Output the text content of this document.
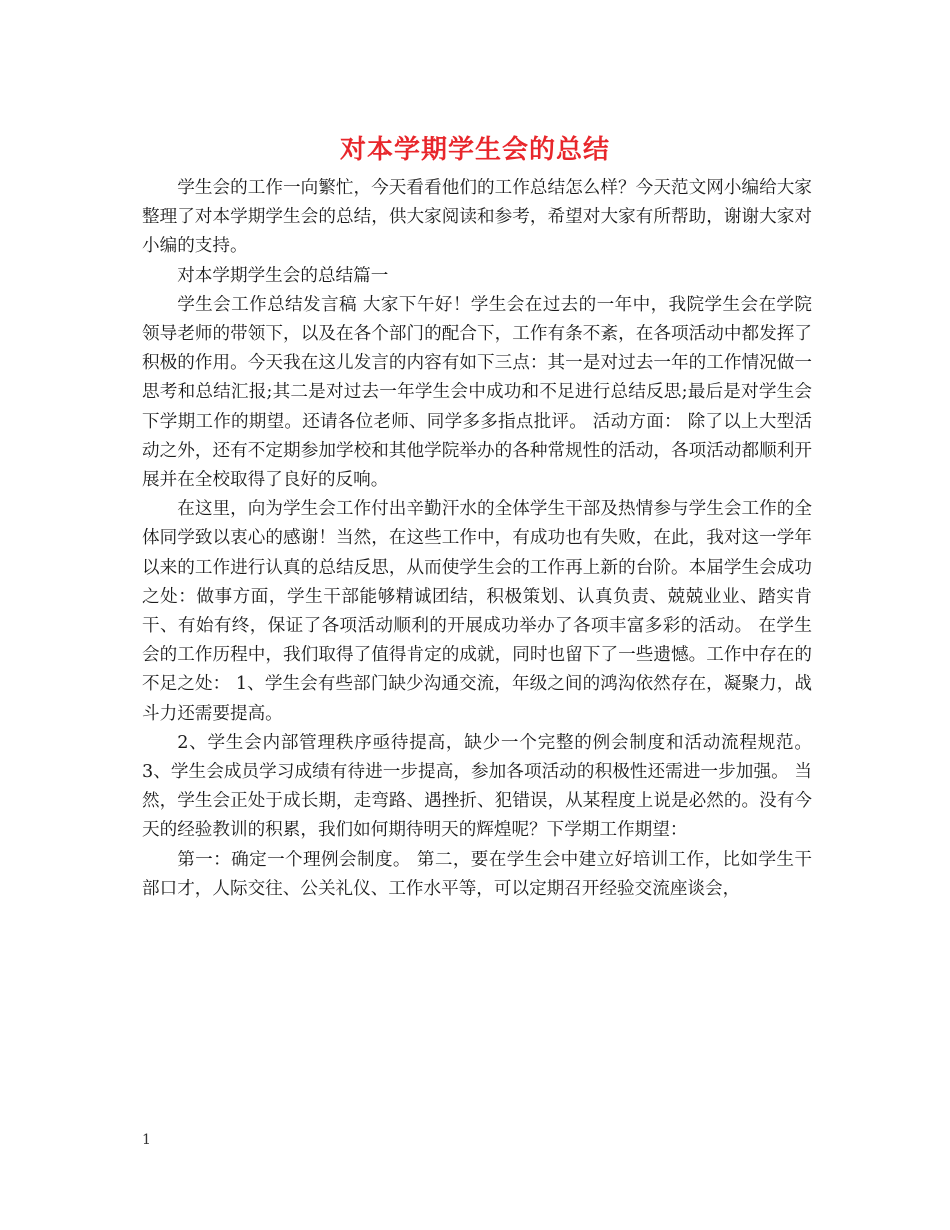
对本学期学生会的总结

学生会的工作一向繁忙，今天看看他们的工作总结怎么样？今天范文网小编给大家整理了对本学期学生会的总结，供大家阅读和参考，希望对大家有所帮助，谢谢大家对小编的支持。

对本学期学生会的总结篇一

学生会工作总结发言稿 大家下午好！学生会在过去的一年中，我院学生会在学院领导老师的带领下，以及在各个部门的配合下，工作有条不紊，在各项活动中都发挥了积极的作用。今天我在这儿发言的内容有如下三点：其一是对过去一年的工作情况做一思考和总结汇报;其二是对过去一年学生会中成功和不足进行总结反思;最后是对学生会下学期工作的期望。还请各位老师、同学多多指点批评。 活动方面： 除了以上大型活动之外，还有不定期参加学校和其他学院举办的各种常规性的活动，各项活动都顺利开展并在全校取得了良好的反响。

在这里，向为学生会工作付出辛勤汗水的全体学生干部及热情参与学生会工作的全体同学致以衷心的感谢！当然，在这些工作中，有成功也有失败，在此，我对这一学年以来的工作进行认真的总结反思，从而使学生会的工作再上新的台阶。本届学生会成功之处：做事方面，学生干部能够精诚团结，积极策划、认真负责、兢兢业业、踏实肯干、有始有终，保证了各项活动顺利的开展成功举办了各项丰富多彩的活动。 在学生会的工作历程中，我们取得了值得肯定的成就，同时也留下了一些遗憾。工作中存在的不足之处： 1、学生会有些部门缺少沟通交流，年级之间的鸿沟依然存在，凝聚力，战斗力还需要提高。

2、学生会内部管理秩序亟待提高，缺少一个完整的例会制度和活动流程规范。 3、学生会成员学习成绩有待进一步提高，参加各项活动的积极性还需进一步加强。 当然，学生会正处于成长期，走弯路、遇挫折、犯错误，从某程度上说是必然的。没有今天的经验教训的积累，我们如何期待明天的辉煌呢？下学期工作期望：

第一：确定一个理例会制度。 第二，要在学生会中建立好培训工作，比如学生干部口才，人际交往、公关礼仪、工作水平等，可以定期召开经验交流座谈会，

1
